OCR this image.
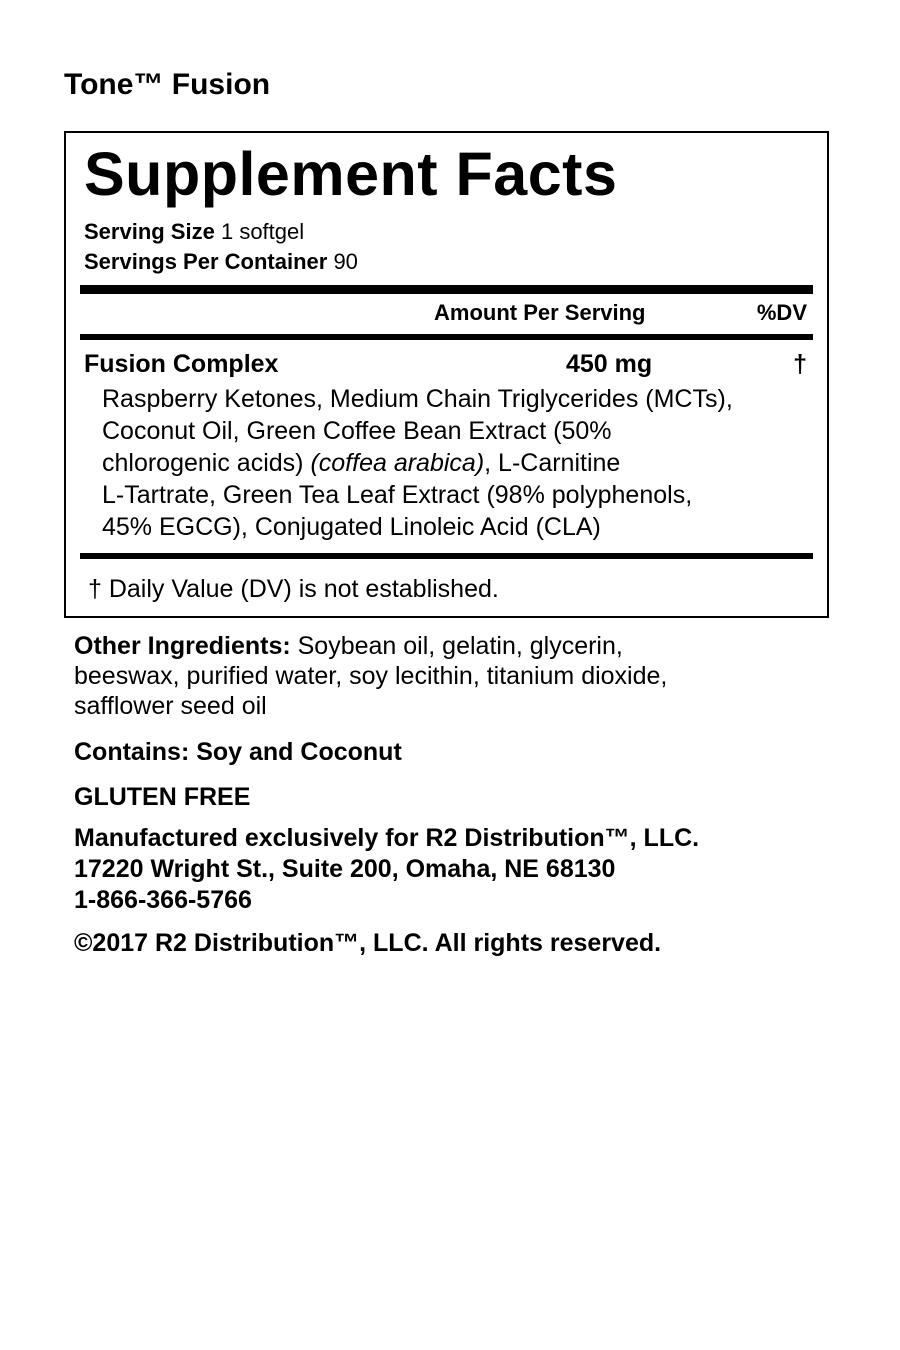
Tone™ Fusion
Supplement Facts
Serving Size 1 softgel
Servings Per Container 90
Amount Per Serving	%DV
Fusion Complex	450 mg	†
Raspberry Ketones, Medium Chain Triglycerides (MCTs),
Coconut Oil, Green Coffee Bean Extract (50%
chlorogenic acids) (coffea arabica), L-Carnitine
L-Tartrate, Green Tea Leaf Extract (98% polyphenols,
45% EGCG), Conjugated Linoleic Acid (CLA)
† Daily Value (DV) is not established.
Other Ingredients: Soybean oil, gelatin, glycerin,
beeswax, purified water, soy lecithin, titanium dioxide,
safflower seed oil
Contains: Soy and Coconut
GLUTEN FREE
Manufactured exclusively for R2 Distribution™, LLC.
17220 Wright St., Suite 200, Omaha, NE 68130
1-866-366-5766
©2017 R2 Distribution™, LLC. All rights reserved.
